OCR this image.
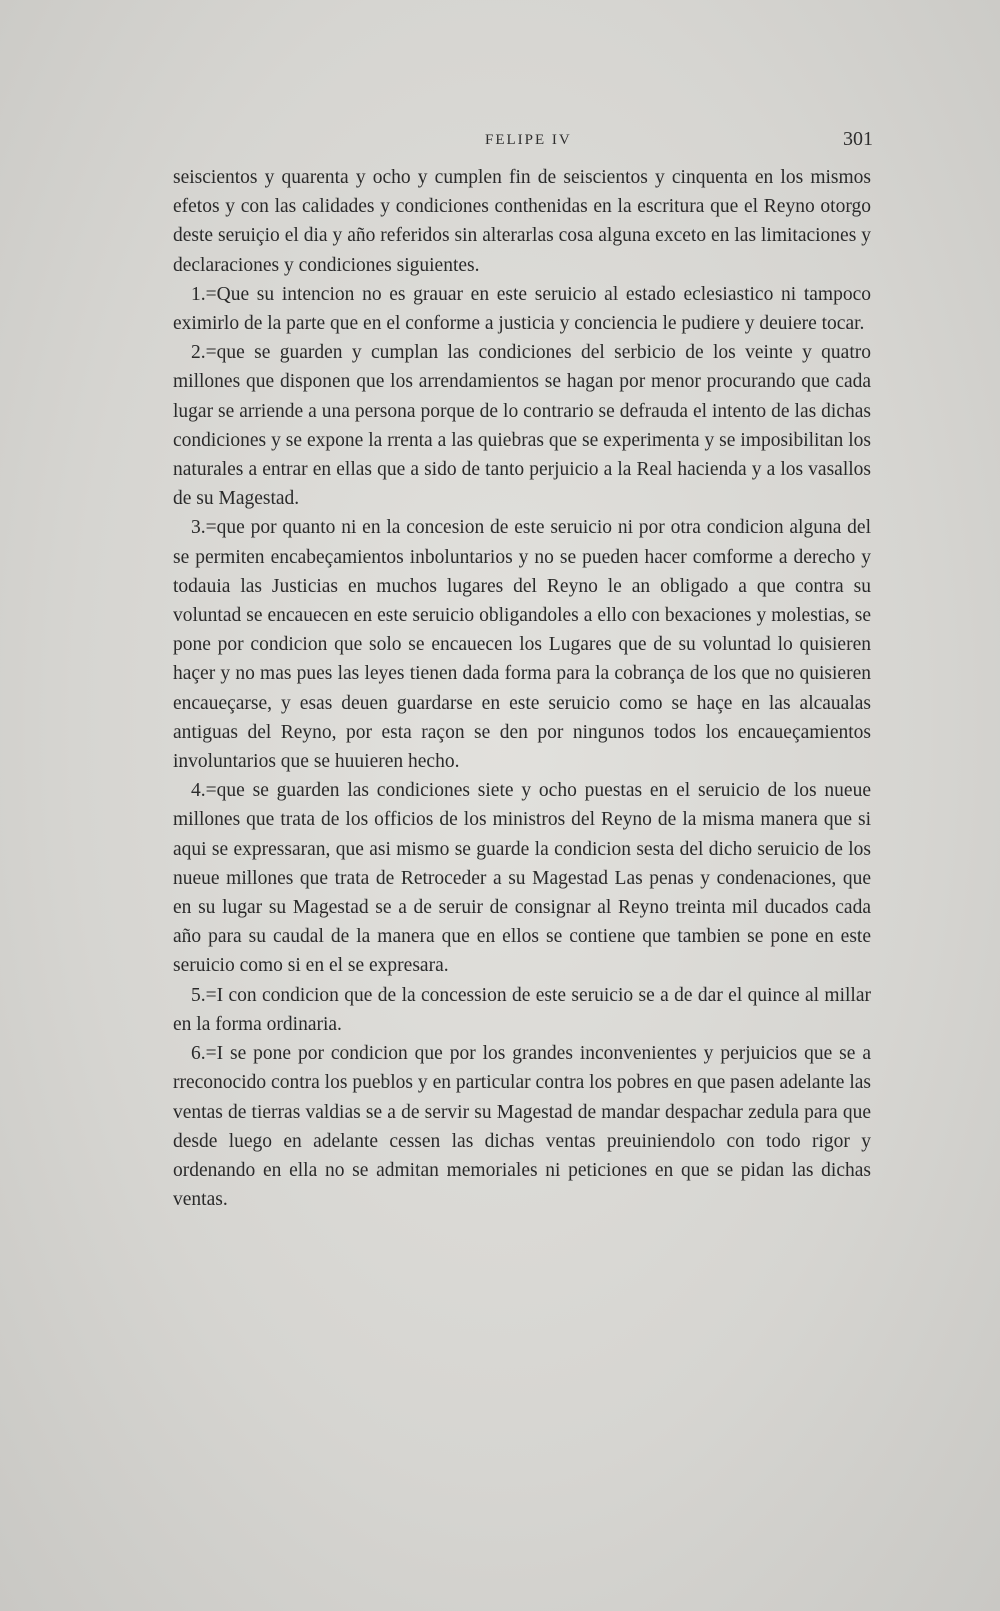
FELIPE IV	301

seiscientos y quarenta y ocho y cumplen fin de seiscientos y cinquenta en los mismos efetos y con las calidades y condiciones conthenidas en la escritura que el Reyno otorgo deste seruiçio el dia y año referidos sin alterarlas cosa alguna exceto en las limitaciones y declaraciones y condiciones siguientes.

1.=Que su intencion no es grauar en este seruicio al estado eclesiastico ni tampoco eximirlo de la parte que en el conforme a justicia y conciencia le pudiere y deuiere tocar.

2.=que se guarden y cumplan las condiciones del serbicio de los veinte y quatro millones que disponen que los arrendamientos se hagan por menor procurando que cada lugar se arriende a una persona porque de lo contrario se defrauda el intento de las dichas condiciones y se expone la rrenta a las quiebras que se experimenta y se imposibilitan los naturales a entrar en ellas que a sido de tanto perjuicio a la Real hacienda y a los vasallos de su Magestad.

3.=que por quanto ni en la concesion de este seruicio ni por otra condicion alguna del se permiten encabeçamientos inboluntarios y no se pueden hacer comforme a derecho y todauia las Justicias en muchos lugares del Reyno le an obligado a que contra su voluntad se encauecen en este seruicio obligandoles a ello con bexaciones y molestias, se pone por condicion que solo se encauecen los Lugares que de su voluntad lo quisieren haçer y no mas pues las leyes tienen dada forma para la cobrança de los que no quisieren encaueçarse, y esas deuen guardarse en este seruicio como se haçe en las alcaualas antiguas del Reyno, por esta raçon se den por ningunos todos los encaueçamientos involuntarios que se huuieren hecho.

4.=que se guarden las condiciones siete y ocho puestas en el seruicio de los nueue millones que trata de los officios de los ministros del Reyno de la misma manera que si aqui se expressaran, que asi mismo se guarde la condicion sesta del dicho seruicio de los nueue millones que trata de Retroceder a su Magestad Las penas y condenaciones, que en su lugar su Magestad se a de seruir de consignar al Reyno treinta mil ducados cada año para su caudal de la manera que en ellos se contiene que tambien se pone en este seruicio como si en el se expresara.

5.=I con condicion que de la concession de este seruicio se a de dar el quince al millar en la forma ordinaria.

6.=I se pone por condicion que por los grandes inconvenientes y perjuicios que se a rreconocido contra los pueblos y en particular contra los pobres en que pasen adelante las ventas de tierras valdias se a de servir su Magestad de mandar despachar zedula para que desde luego en adelante cessen las dichas ventas preuiniendolo con todo rigor y ordenando en ella no se admitan memoriales ni peticiones en que se pidan las dichas ventas.
